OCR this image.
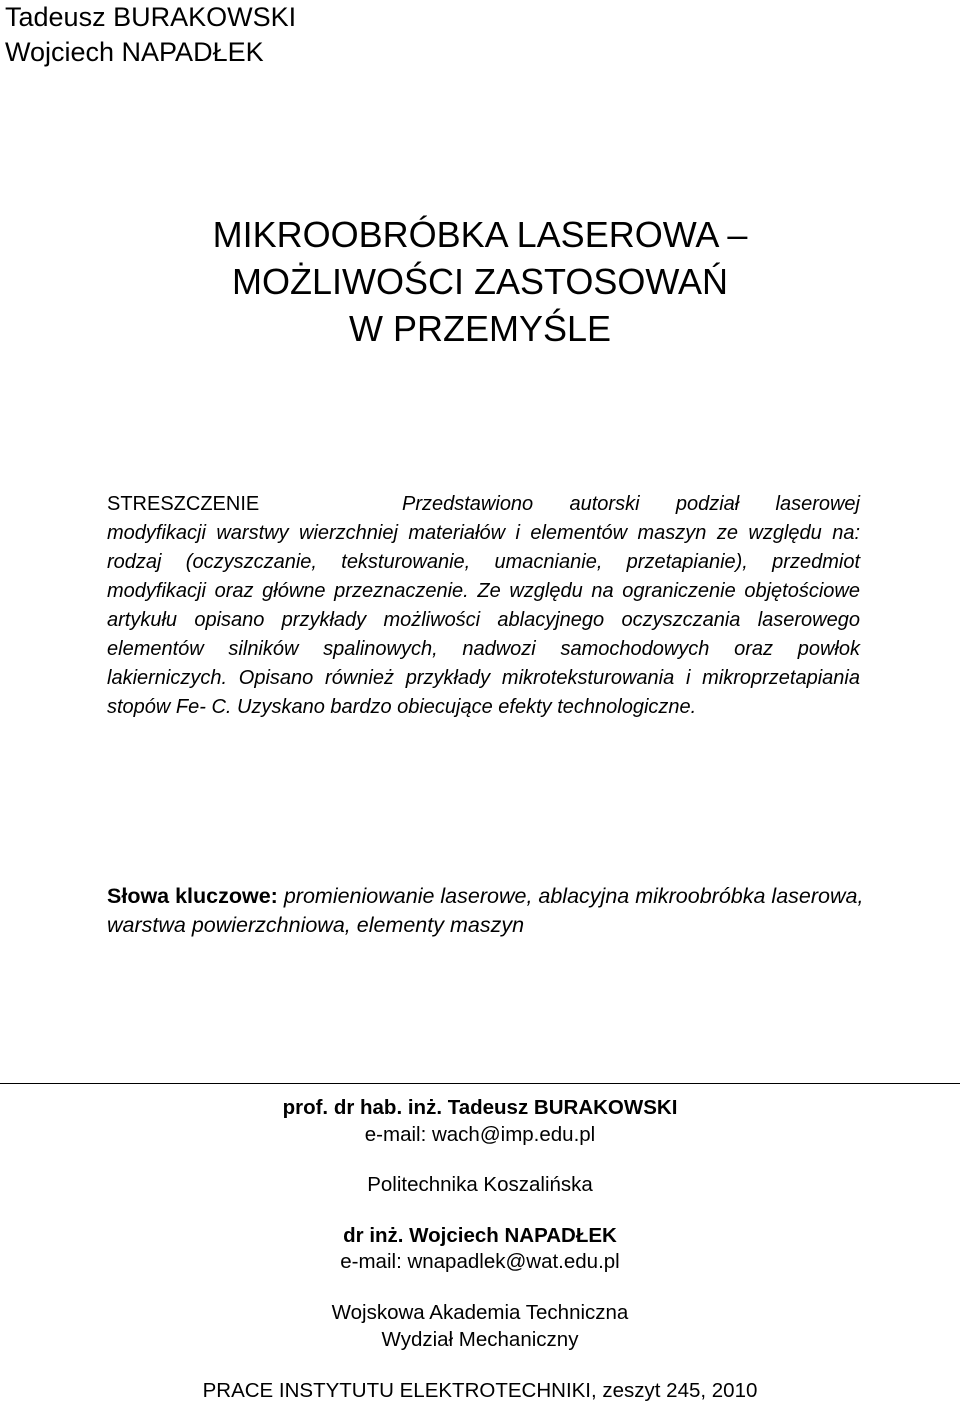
Tadeusz BURAKOWSKI
Wojciech NAPADŁEK
MIKROOBRÓBKA LASEROWA –
MOŻLIWOŚCI ZASTOSOWAŃ
W PRZEMYŚLE
STRESZCZENIE	Przedstawiono autorski podział laserowej modyfikacji warstwy wierzchniej materiałów i elementów maszyn ze względu na: rodzaj (oczyszczanie, teksturowanie, umacnianie, przetapianie), przedmiot modyfikacji oraz główne przeznaczenie. Ze względu na ograniczenie objętościowe artykułu opisano przykłady możliwości ablacyjnego oczyszczania laserowego elementów silników spalinowych, nadwozi samochodowych oraz powłok lakierniczych. Opisano również przykłady mikroteksturowania i mikroprzetapiania stopów Fe- C. Uzyskano bardzo obiecujące efekty technologiczne.
Słowa kluczowe: promieniowanie laserowe, ablacyjna mikroobróbka laserowa, warstwa powierzchniowa, elementy maszyn
prof. dr hab. inż. Tadeusz BURAKOWSKI
e-mail: wach@imp.edu.pl
Politechnika Koszalińska
dr inż. Wojciech NAPADŁEK
e-mail: wnapadlek@wat.edu.pl
Wojskowa Akademia Techniczna
Wydział Mechaniczny
PRACE INSTYTUTU ELEKTROTECHNIKI, zeszyt 245, 2010
